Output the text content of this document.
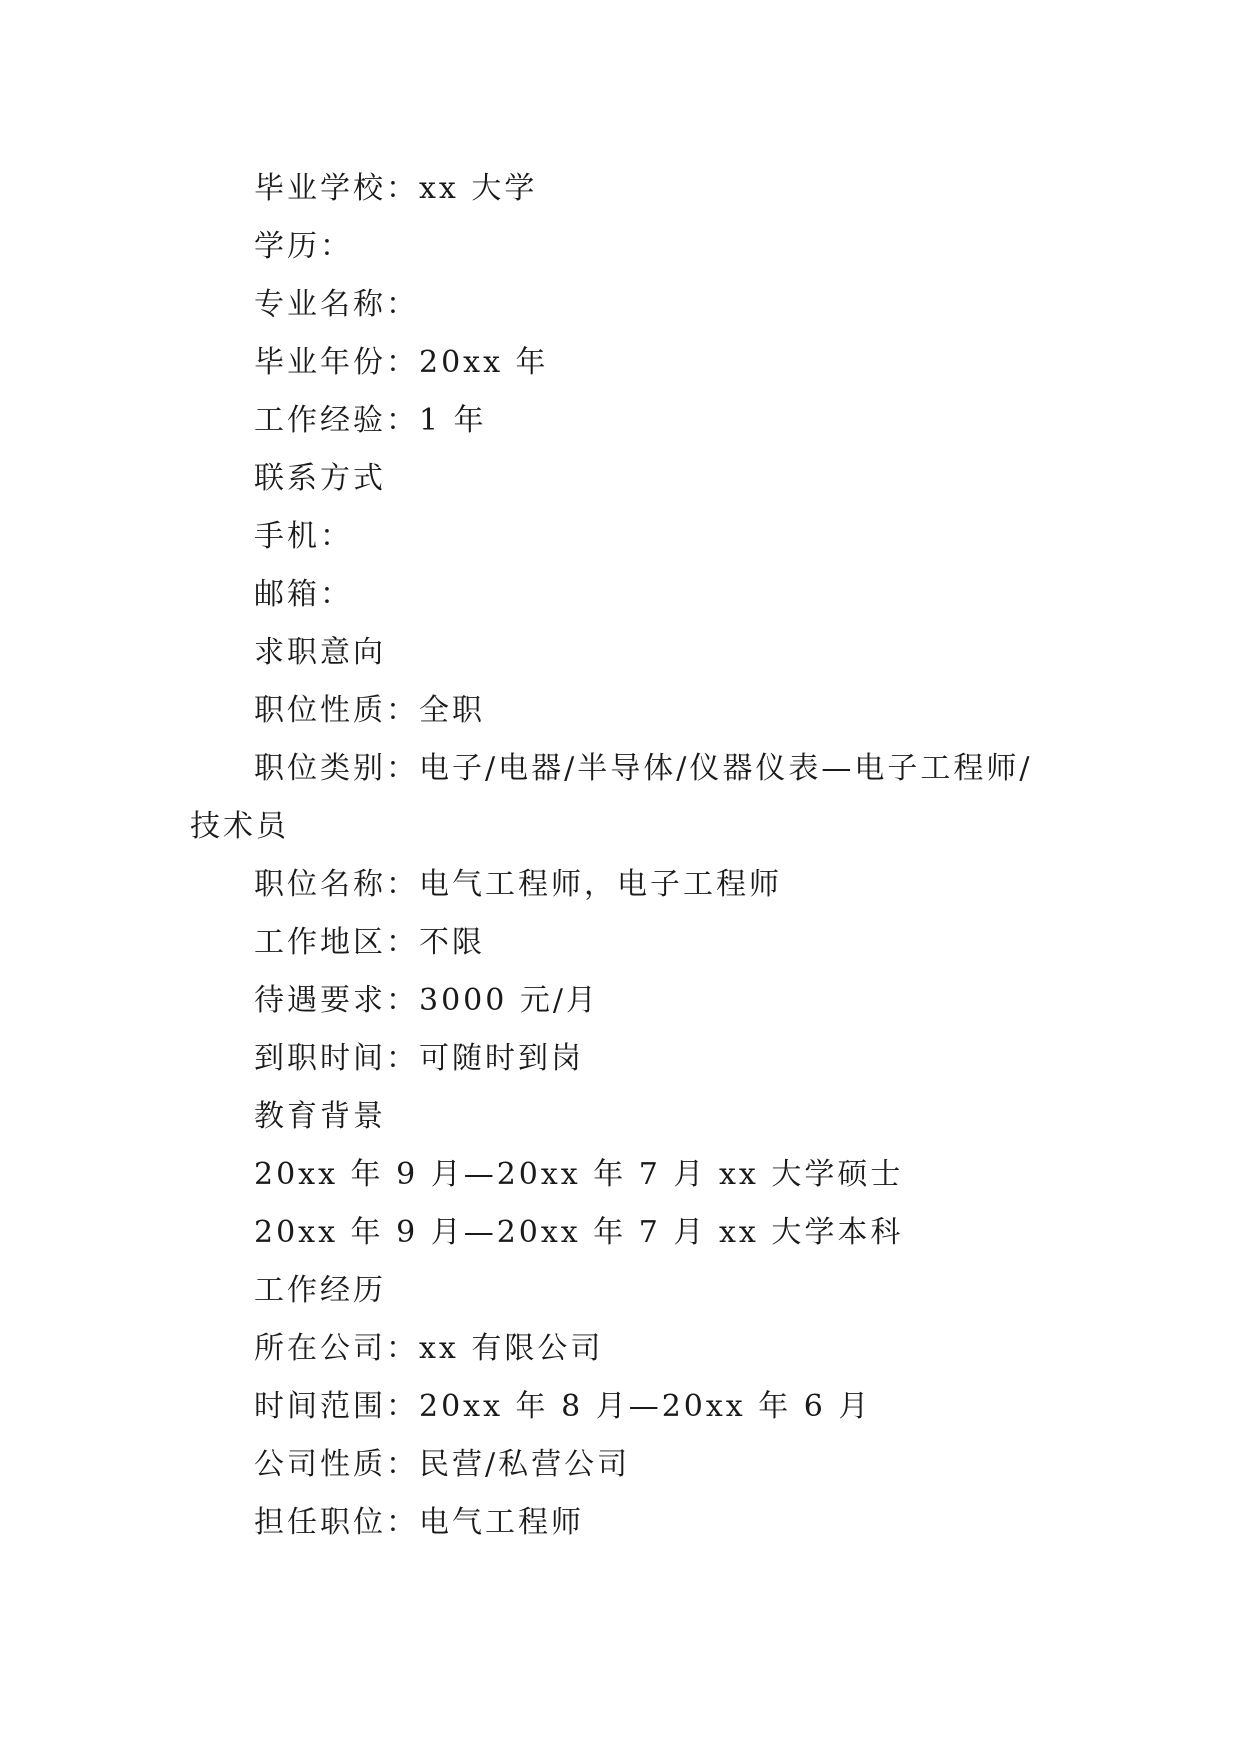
毕业学校：xx 大学
学历：
专业名称：
毕业年份：20xx 年
工作经验：1 年
联系方式
手机：
邮箱：
求职意向
职位性质：全职
职位类别：电子/电器/半导体/仪器仪表—电子工程师/
技术员
职位名称：电气工程师，电子工程师
工作地区：不限
待遇要求：3000 元/月
到职时间：可随时到岗
教育背景
20xx 年 9 月—20xx 年 7 月 xx 大学硕士
20xx 年 9 月—20xx 年 7 月 xx 大学本科
工作经历
所在公司：xx 有限公司
时间范围：20xx 年 8 月—20xx 年 6 月
公司性质：民营/私营公司
担任职位：电气工程师
